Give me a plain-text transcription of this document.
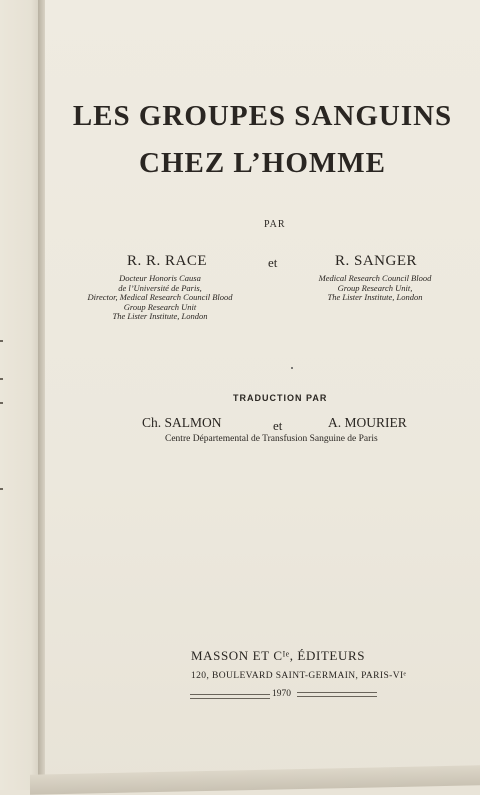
LES GROUPES SANGUINS
CHEZ L’HOMME
PAR
R. R. RACE	et	R. SANGER
Docteur Honoris Causa
de l’Université de Paris,
Director, Medical Research Council Blood
Group Research Unit
The Lister Institute, London
Medical Research Council Blood
Group Research Unit,
The Lister Institute, London
TRADUCTION PAR
Ch. SALMON	et	A. MOURIER
Centre Départemental de Transfusion Sanguine de Paris
MASSON ET Cᴵᵉ, ÉDITEURS
120, BOULEVARD SAINT-GERMAIN, PARIS-VIᵉ
1970
